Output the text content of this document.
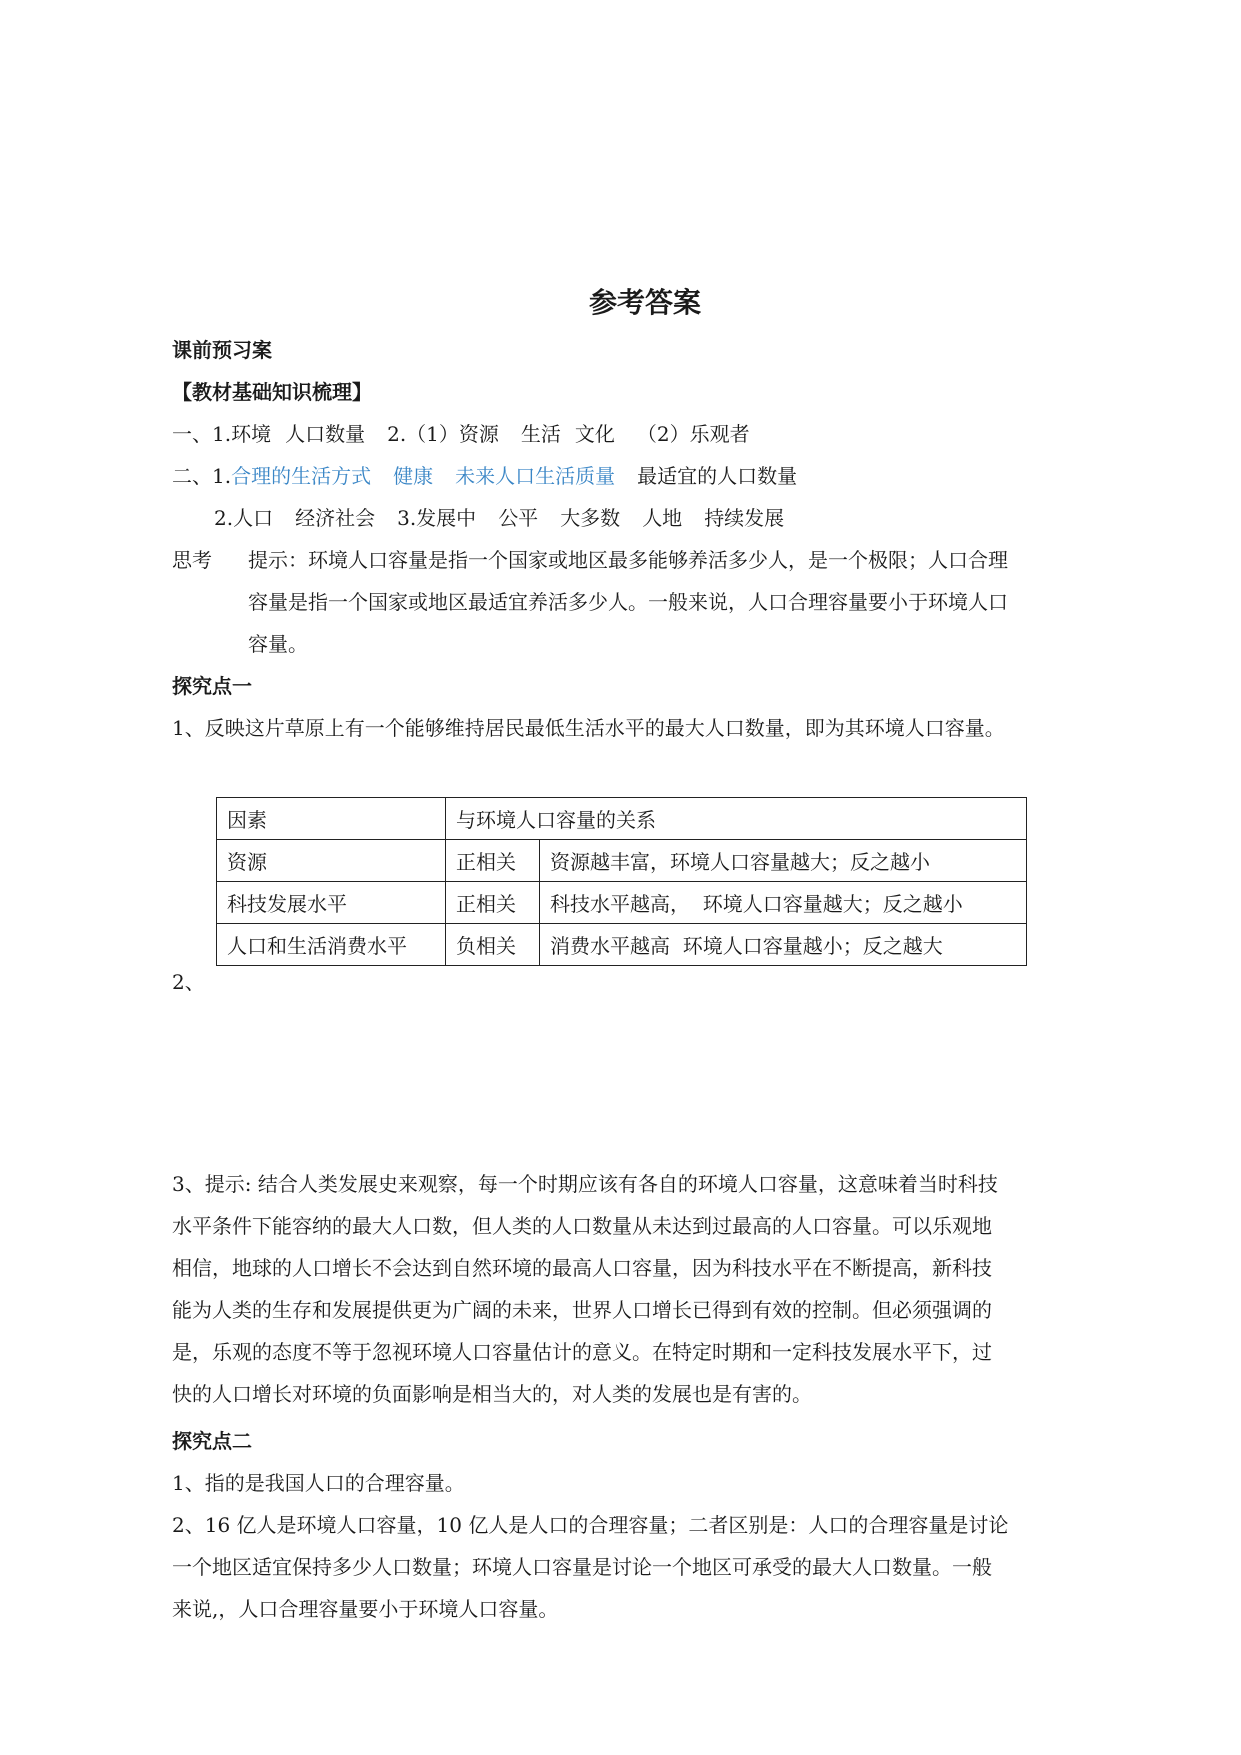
参考答案
课前预习案
【教材基础知识梳理】
一、1.环境 人口数量 2.（1）资源 生活 文化 （2）乐观者
二、1.合理的生活方式 健康 未来人口生活质量 最适宜的人口数量
2.人口 经济社会 3.发展中 公平 大多数 人地 持续发展
思考 提示：环境人口容量是指一个国家或地区最多能够养活多少人，是一个极限；人口合理
容量是指一个国家或地区最适宜养活多少人。一般来说，人口合理容量要小于环境人口
容量。
探究点一
1、反映这片草原上有一个能够维持居民最低生活水平的最大人口数量，即为其环境人口容量。
因素	与环境人口容量的关系	
资源	正相关	资源越丰富，环境人口容量越大；反之越小
科技发展水平	正相关	科技水平越高，  环境人口容量越大；反之越小
人口和生活消费水平	负相关	消费水平越高  环境人口容量越小；反之越大
2、
3、提示: 结合人类发展史来观察，每一个时期应该有各自的环境人口容量，这意味着当时科技
水平条件下能容纳的最大人口数，但人类的人口数量从未达到过最高的人口容量。可以乐观地
相信，地球的人口增长不会达到自然环境的最高人口容量，因为科技水平在不断提高，新科技
能为人类的生存和发展提供更为广阔的未来，世界人口增长已得到有效的控制。但必须强调的
是，乐观的态度不等于忽视环境人口容量估计的意义。在特定时期和一定科技发展水平下，过
快的人口增长对环境的负面影响是相当大的，对人类的发展也是有害的。
探究点二
1、指的是我国人口的合理容量。
2、16 亿人是环境人口容量，10 亿人是人口的合理容量；二者区别是：人口的合理容量是讨论
一个地区适宜保持多少人口数量；环境人口容量是讨论一个地区可承受的最大人口数量。一般
来说,，人口合理容量要小于环境人口容量。
